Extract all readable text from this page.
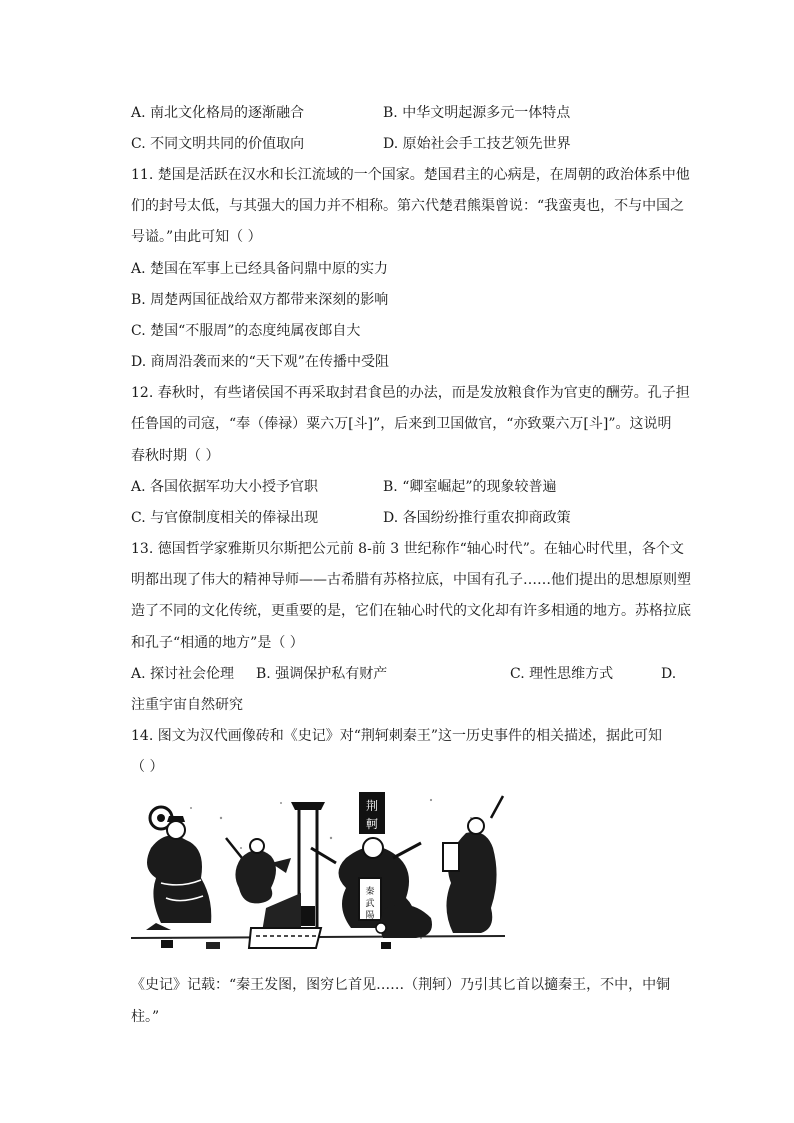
A. 南北文化格局的逐渐融合	B. 中华文明起源多元一体特点
C. 不同文明共同的价值取向	D. 原始社会手工技艺领先世界
11. 楚国是活跃在汉水和长江流域的一个国家。楚国君主的心病是，在周朝的政治体系中他
们的封号太低，与其强大的国力并不相称。第六代楚君熊渠曾说：“我蛮夷也，不与中国之
号谥。”由此可知（ ）
A. 楚国在军事上已经具备问鼎中原的实力
B. 周楚两国征战给双方都带来深刻的影响
C. 楚国“不服周”的态度纯属夜郎自大
D. 商周沿袭而来的“天下观”在传播中受阻
12. 春秋时，有些诸侯国不再采取封君食邑的办法，而是发放粮食作为官吏的酬劳。孔子担
任鲁国的司寇，“奉（俸禄）粟六万[斗]”，后来到卫国做官，“亦致粟六万[斗]”。这说明
春秋时期（ ）
A. 各国依据军功大小授予官职	B. “卿室崛起”的现象较普遍
C. 与官僚制度相关的俸禄出现	D. 各国纷纷推行重农抑商政策
13. 德国哲学家雅斯贝尔斯把公元前 8-前 3 世纪称作“轴心时代”。在轴心时代里，各个文
明都出现了伟大的精神导师——古希腊有苏格拉底，中国有孔子……他们提出的思想原则塑
造了不同的文化传统，更重要的是，它们在轴心时代的文化却有许多相通的地方。苏格拉底
和孔子“相通的地方”是（ ）
A. 探讨社会伦理 B. 强调保护私有财产	C. 理性思维方式	D.
注重宇宙自然研究
14. 图文为汉代画像砖和《史记》对“荆轲刺秦王”这一历史事件的相关描述，据此可知
（ ）
荆
軻
秦
武
陽
《史记》记载：“秦王发图，图穷匕首见……（荆轲）乃引其匕首以擿秦王，不中，中铜
柱。”
